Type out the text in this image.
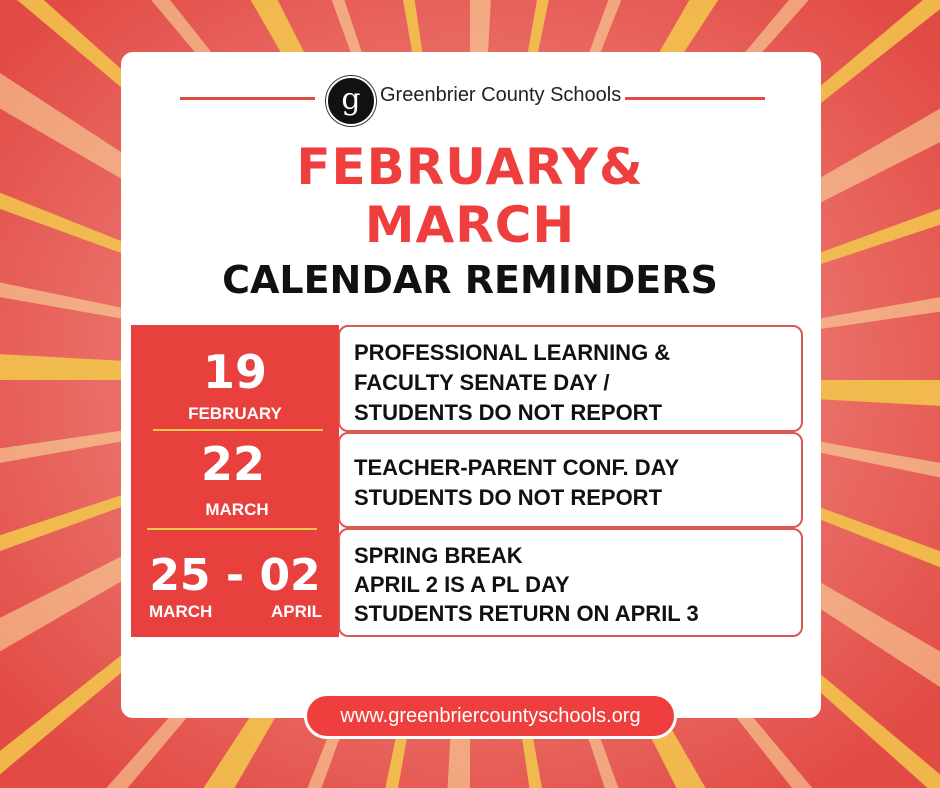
g Greenbrier County Schools
FEBRUARY&
MARCH
CALENDAR REMINDERS
19
FEBRUARY
22
MARCH
25 - 02
MARCH	APRIL
PROFESSIONAL LEARNING &
FACULTY SENATE DAY /
STUDENTS DO NOT REPORT
TEACHER-PARENT CONF. DAY
STUDENTS DO NOT REPORT
SPRING BREAK
APRIL 2 IS A PL DAY
STUDENTS RETURN ON APRIL 3
www.greenbriercountyschools.org
